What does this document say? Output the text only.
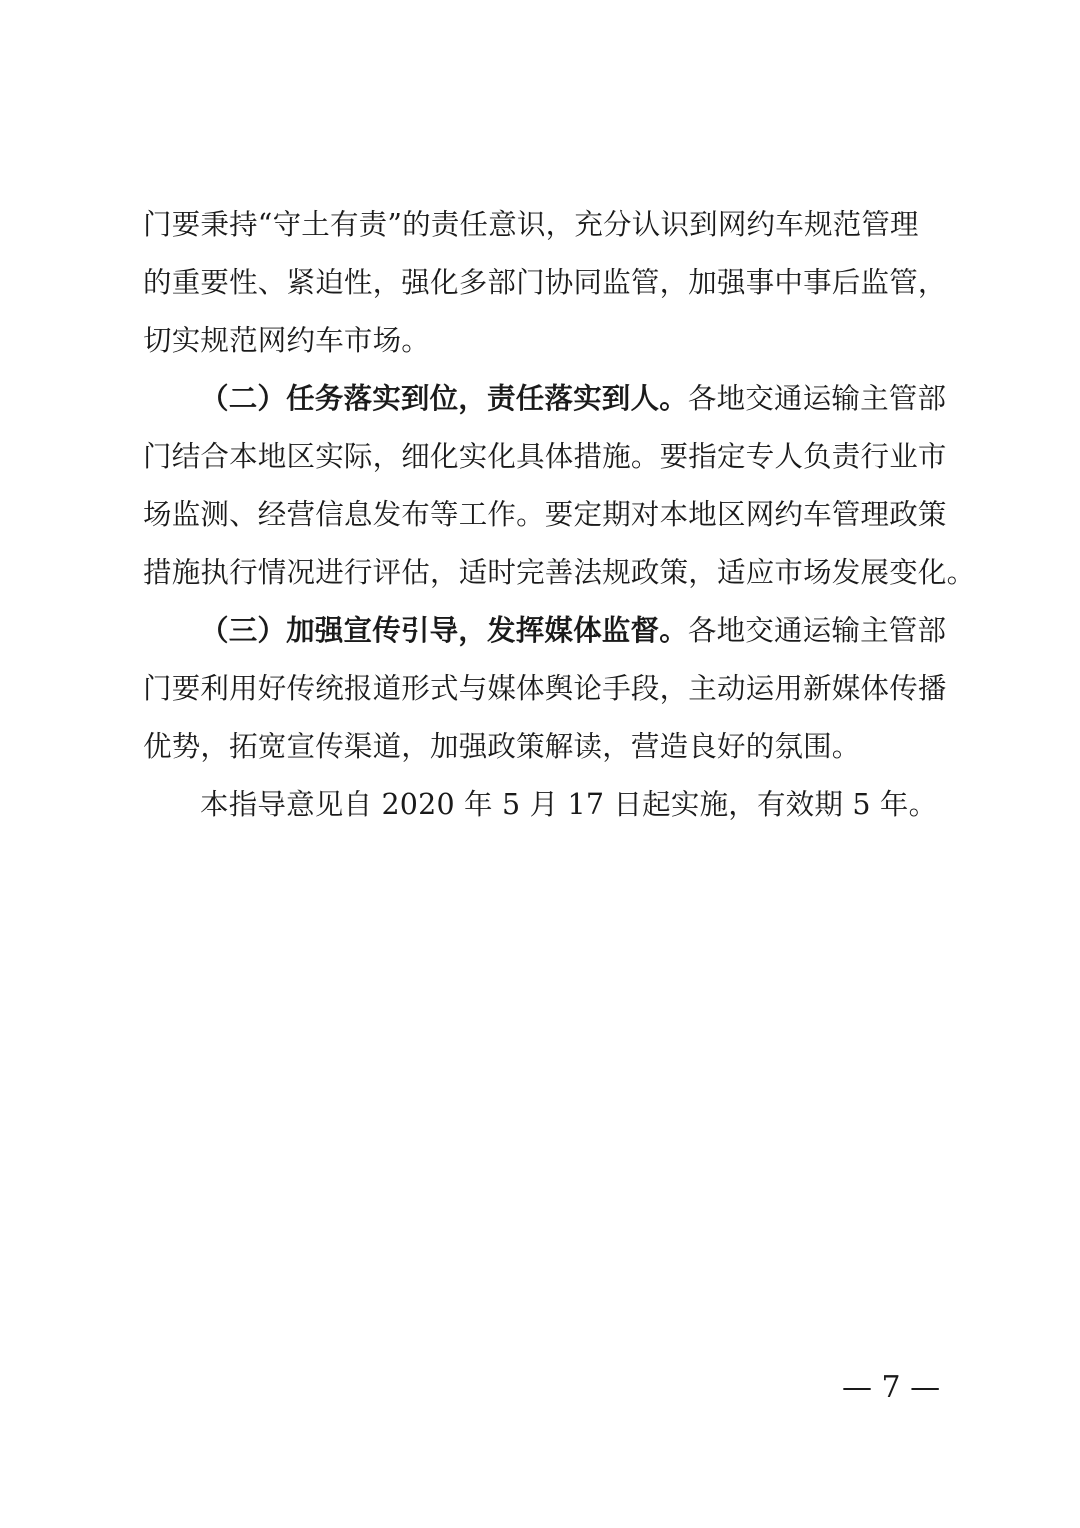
门要秉持“守土有责”的责任意识，充分认识到网约车规范管理
的重要性、紧迫性，强化多部门协同监管，加强事中事后监管，
切实规范网约车市场。
（二）任务落实到位，责任落实到人。各地交通运输主管部
门结合本地区实际，细化实化具体措施。要指定专人负责行业市
场监测、经营信息发布等工作。要定期对本地区网约车管理政策
措施执行情况进行评估，适时完善法规政策，适应市场发展变化。
（三）加强宣传引导，发挥媒体监督。各地交通运输主管部
门要利用好传统报道形式与媒体舆论手段，主动运用新媒体传播
优势，拓宽宣传渠道，加强政策解读，营造良好的氛围。
本指导意见自 2020 年 5 月 17 日起实施，有效期 5 年。
— 7 —
